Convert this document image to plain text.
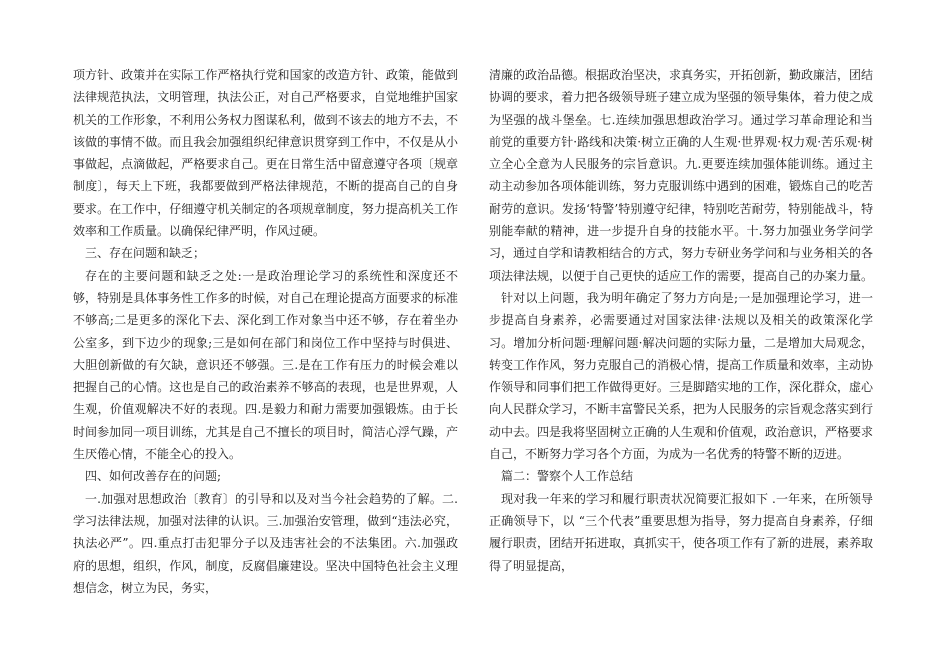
项方针、政策并在实际工作严格执行党和国家的改造方针、政策，能做到法律规范执法，文明管理，执法公正，对自己严格要求，自觉地维护国家机关的工作形象，不利用公务权力图谋私利，做到不该去的地方不去，不该做的事情不做。而且我会加强组织纪律意识贯穿到工作中，不仅是从小事做起，点滴做起，严格要求自己。更在日常生活中留意遵守各项〔规章制度〕，每天上下班，我都要做到严格法律规范，不断的提高自己的自身要求。在工作中，仔细遵守机关制定的各项规章制度，努力提高机关工作效率和工作质量。以确保纪律严明，作风过硬。

三、存在问题和缺乏；

存在的主要问题和缺乏之处:一是政治理论学习的系统性和深度还不够，特别是具体事务性工作多的时候，对自己在理论提高方面要求的标准不够高;二是更多的深化下去、深化到工作对象当中还不够，存在着坐办公室多，到下边少的现象;三是如何在部门和岗位工作中坚持与时俱进、大胆创新做的有欠缺，意识还不够强。三.是在工作有压力的时候会难以把握自己的心情。这也是自己的政治素养不够高的表现，也是世界观，人生观，价值观解决不好的表现。四.是毅力和耐力需要加强锻炼。由于长时间参加同一项目训练，尤其是自己不擅长的项目时，简洁心浮气躁，产生厌倦心情，不能全心的投入。

四、如何改善存在的问题;

一.加强对思想政治〔教育〕的引导和以及对当今社会趋势的了解。二.学习法律法规，加强对法律的认识。三.加强治安管理，做到“违法必究，执法必严”。四.重点打击犯罪分子以及违害社会的不法集团。六.加强政府的思想，组织，作风，制度，反腐倡廉建设。坚决中国特色社会主义理想信念，树立为民，务实，

清廉的政治品德。根据政治坚决，求真务实，开拓创新，勤政廉洁，团结协调的要求，着力把各级领导班子建立成为坚强的领导集体，着力使之成为坚强的战斗堡垒。七.连续加强思想政治学习。通过学习革命理论和当前党的重要方针·路线和决策·树立正确的人生观·世界观·权力观·苦乐观·树立全心全意为人民服务的宗旨意识。九.更要连续加强体能训练。通过主动主动参加各项体能训练，努力克服训练中遇到的困难，锻炼自己的吃苦耐劳的意识。发扬‘特警’特别遵守纪律，特别吃苦耐劳，特别能战斗，特别能奉献的精神，进一步提升自身的技能水平。十.努力加强业务学问学习，通过自学和请教相结合的方式，努力专研业务学问和与业务相关的各项法律法规，以便于自己更快的适应工作的需要，提高自己的办案力量。

针对以上问题，我为明年确定了努力方向是;一是加强理论学习，进一步提高自身素养，必需要通过对国家法律·法规以及相关的政策深化学习。增加分析问题·理解问题·解决问题的实际力量，二是增加大局观念，转变工作作风，努力克服自己的消极心情，提高工作质量和效率，主动协作领导和同事们把工作做得更好。三是脚踏实地的工作，深化群众，虚心向人民群众学习，不断丰富警民关系，把为人民服务的宗旨观念落实到行动中去。四是我将坚固树立正确的人生观和价值观，政治意识，严格要求自己，不断努力学习各个方面，为成为一名优秀的特警不断的迈进。

篇二：警察个人工作总结

现对我一年来的学习和履行职责状况简要汇报如下 .一年来，在所领导正确领导下，以 “三个代表”重要思想为指导，努力提高自身素养，仔细履行职责，团结开拓进取，真抓实干，使各项工作有了新的进展，素养取得了明显提高，
